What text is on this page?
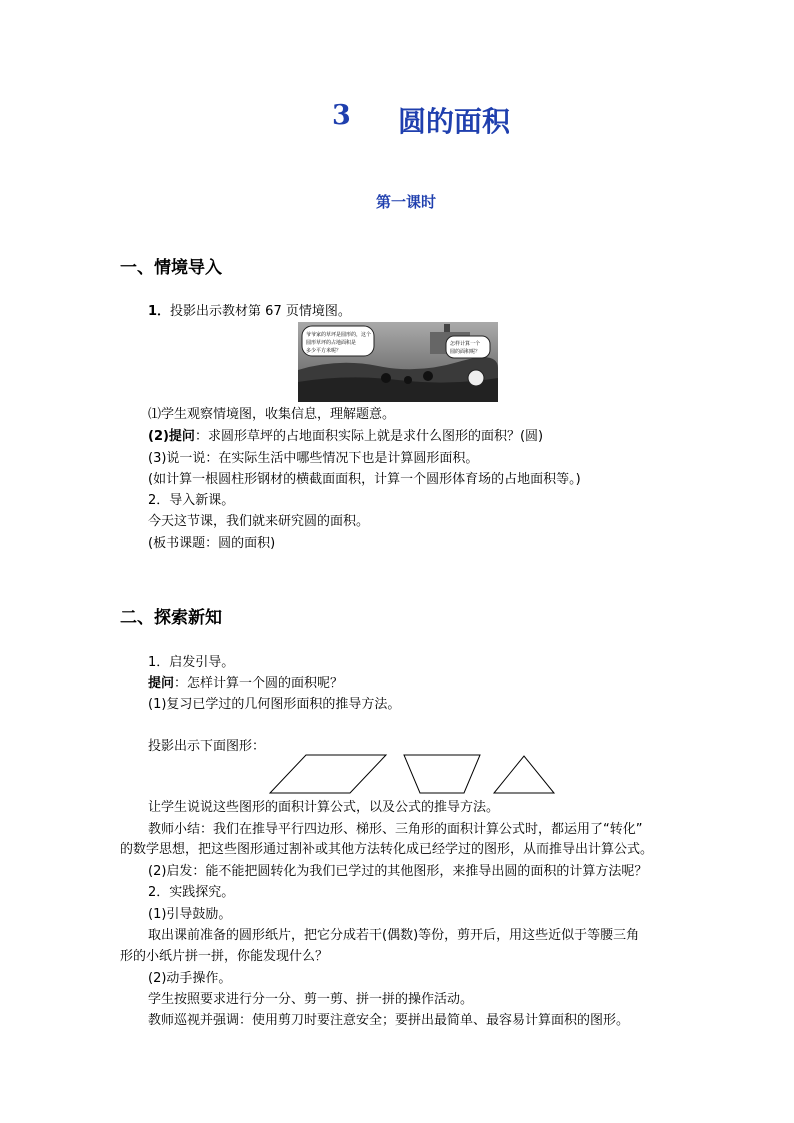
3 圆的面积
第一课时
一、情境导入
1．投影出示教材第 67 页情境图。
爷爷家的草坪是圆形的，这个
圆形草坪的占地面积是
多少平方米呢？
怎样计算一个
圆的面积呢？
⑴学生观察情境图，收集信息，理解题意。
(2)提问：求圆形草坪的占地面积实际上就是求什么图形的面积？(圆)
(3)说一说：在实际生活中哪些情况下也是计算圆形面积。
(如计算一根圆柱形钢材的横截面面积，计算一个圆形体育场的占地面积等。)
2．导入新课。
今天这节课，我们就来研究圆的面积。
(板书课题：圆的面积)
二、探索新知
1．启发引导。
提问：怎样计算一个圆的面积呢？
(1)复习已学过的几何图形面积的推导方法。
投影出示下面图形：
让学生说说这些图形的面积计算公式，以及公式的推导方法。
教师小结：我们在推导平行四边形、梯形、三角形的面积计算公式时，都运用了“转化”
的数学思想，把这些图形通过割补或其他方法转化成已经学过的图形，从而推导出计算公式。
(2)启发：能不能把圆转化为我们已学过的其他图形，来推导出圆的面积的计算方法呢？
2．实践探究。
(1)引导鼓励。
取出课前准备的圆形纸片，把它分成若干(偶数)等份，剪开后，用这些近似于等腰三角
形的小纸片拼一拼，你能发现什么？
(2)动手操作。
学生按照要求进行分一分、剪一剪、拼一拼的操作活动。
教师巡视并强调：使用剪刀时要注意安全；要拼出最简单、最容易计算面积的图形。
